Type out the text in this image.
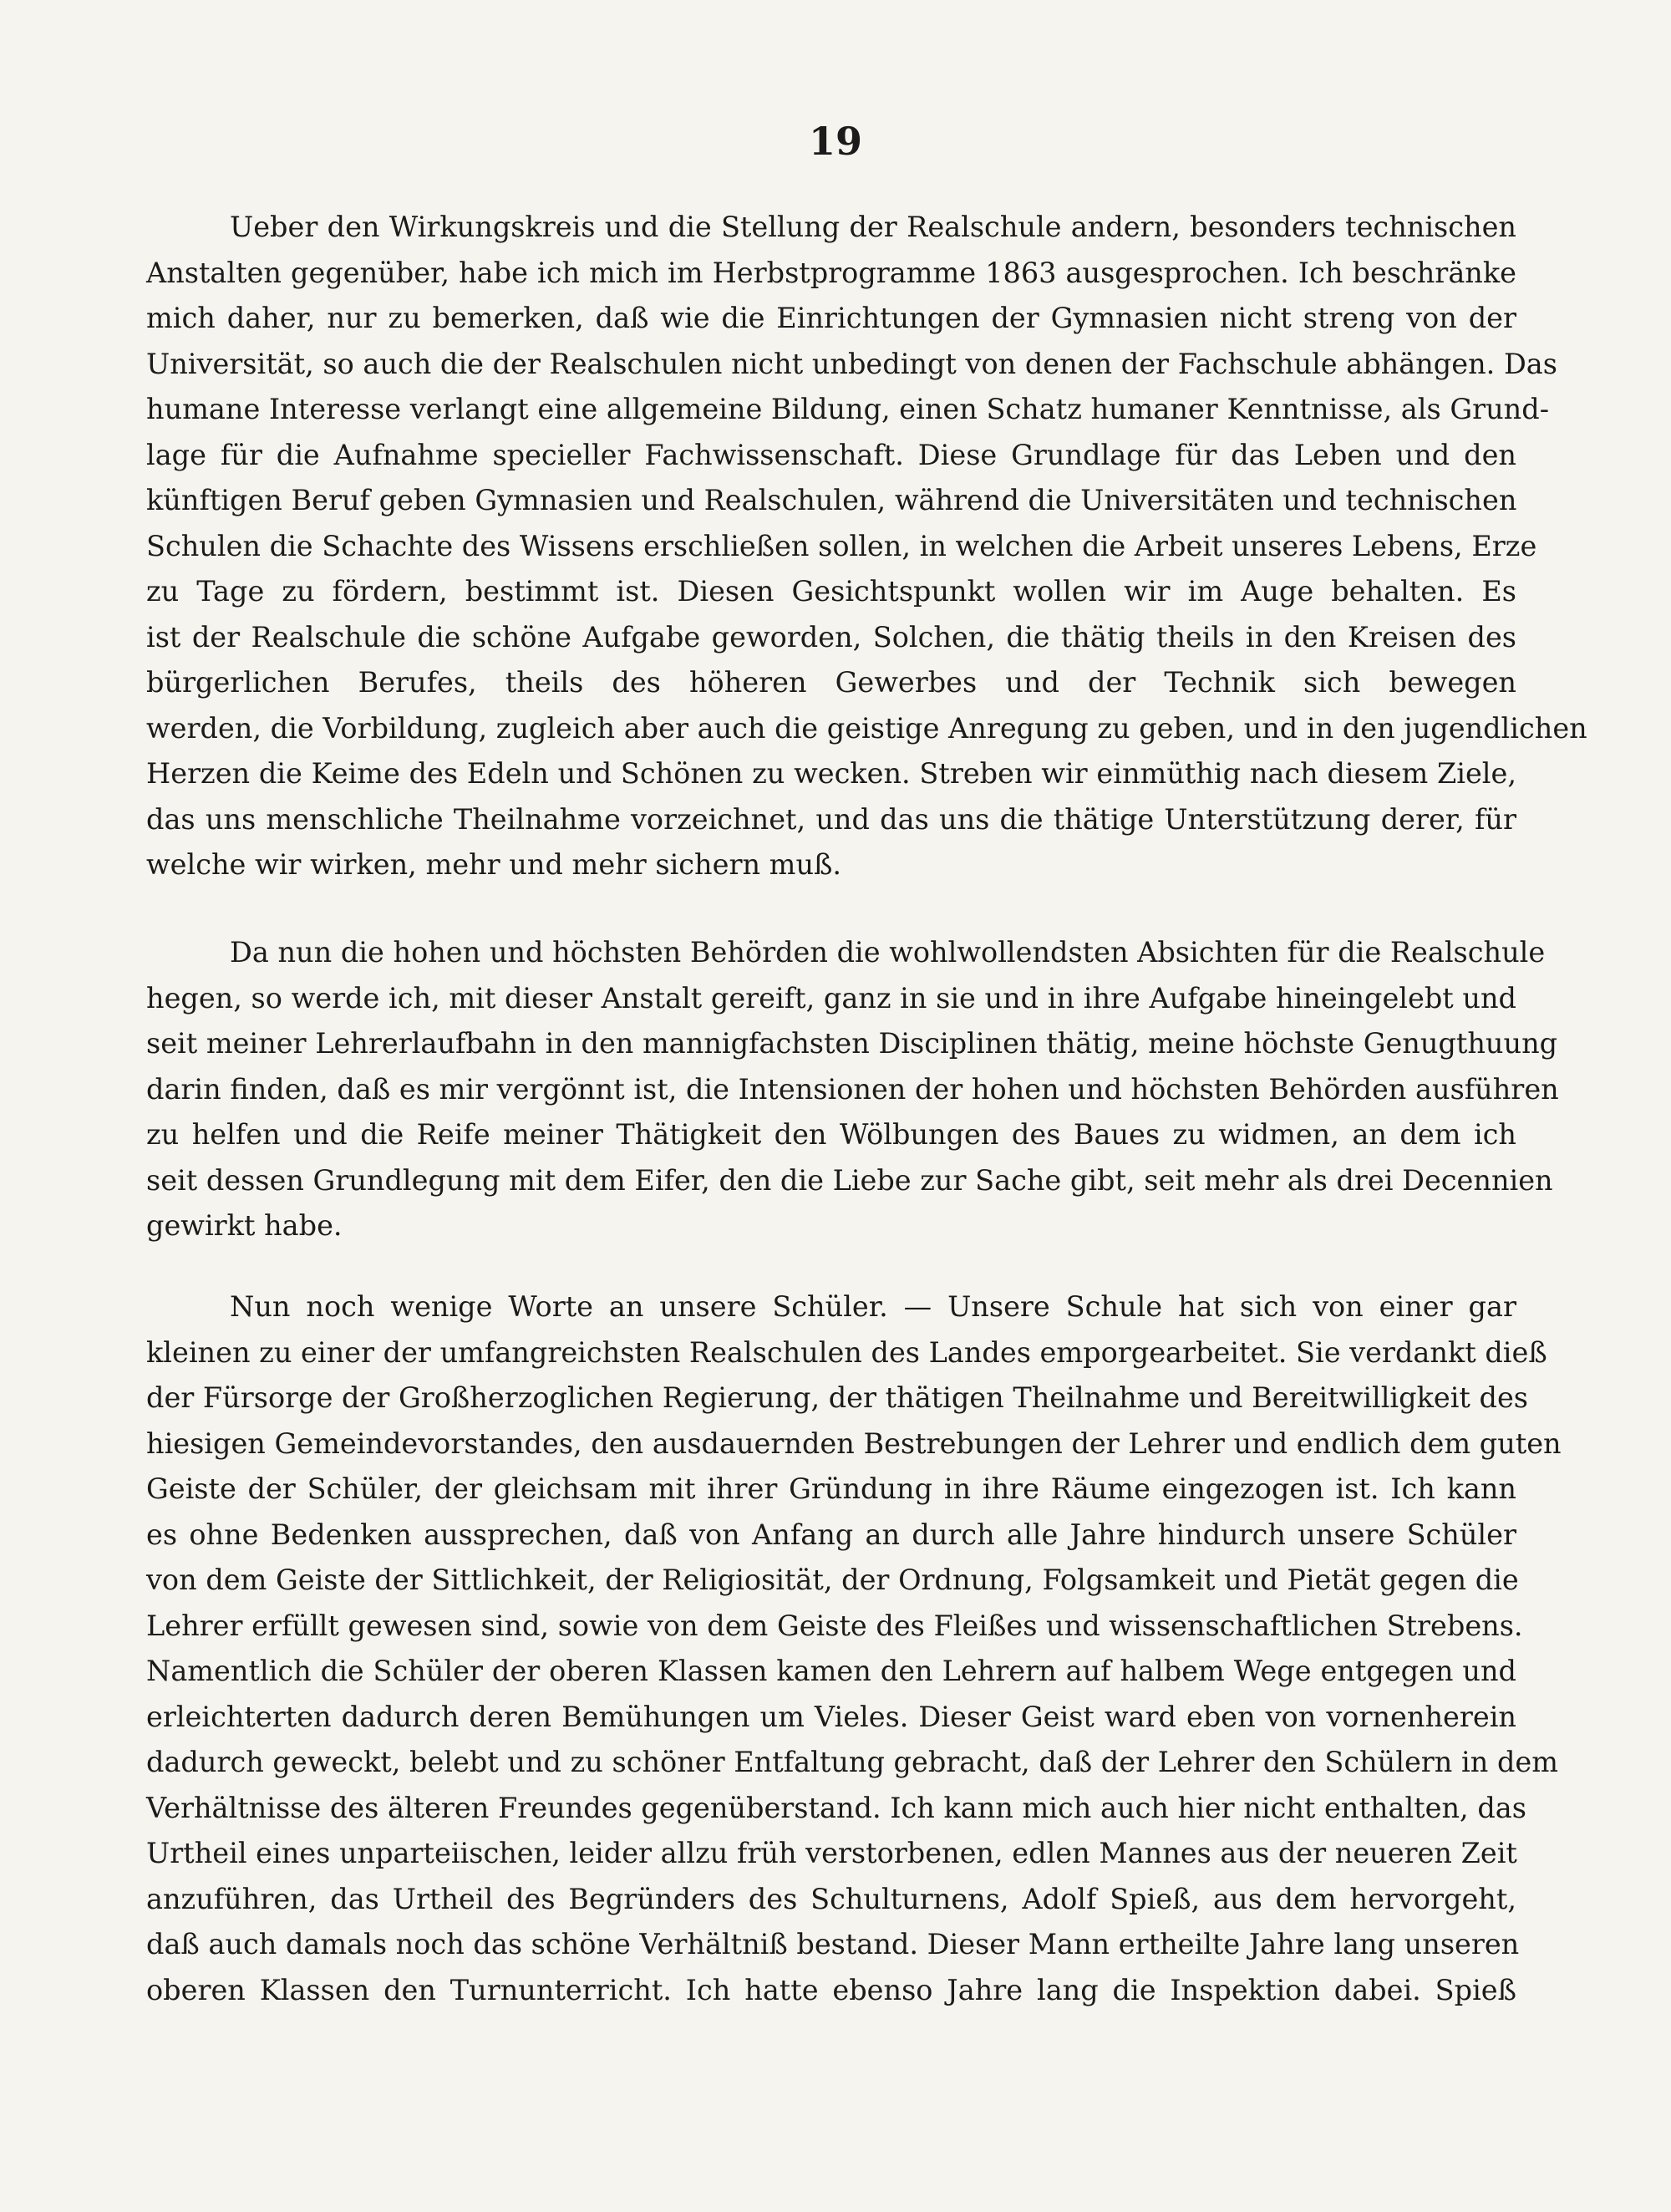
19
Ueber den Wirkungskreis und die Stellung der Realschule andern, besonders technischen
Anstalten gegenüber, habe ich mich im Herbstprogramme 1863 ausgesprochen. Ich beschränke
mich daher, nur zu bemerken, daß wie die Einrichtungen der Gymnasien nicht streng von der
Universität, so auch die der Realschulen nicht unbedingt von denen der Fachschule abhängen. Das
humane Interesse verlangt eine allgemeine Bildung, einen Schatz humaner Kenntnisse, als Grund-
lage für die Aufnahme specieller Fachwissenschaft. Diese Grundlage für das Leben und den
künftigen Beruf geben Gymnasien und Realschulen, während die Universitäten und technischen
Schulen die Schachte des Wissens erschließen sollen, in welchen die Arbeit unseres Lebens, Erze
zu Tage zu fördern, bestimmt ist. Diesen Gesichtspunkt wollen wir im Auge behalten. Es
ist der Realschule die schöne Aufgabe geworden, Solchen, die thätig theils in den Kreisen des
bürgerlichen Berufes, theils des höheren Gewerbes und der Technik sich bewegen
werden, die Vorbildung, zugleich aber auch die geistige Anregung zu geben, und in den jugendlichen
Herzen die Keime des Edeln und Schönen zu wecken. Streben wir einmüthig nach diesem Ziele,
das uns menschliche Theilnahme vorzeichnet, und das uns die thätige Unterstützung derer, für
welche wir wirken, mehr und mehr sichern muß.
Da nun die hohen und höchsten Behörden die wohlwollendsten Absichten für die Realschule
hegen, so werde ich, mit dieser Anstalt gereift, ganz in sie und in ihre Aufgabe hineingelebt und
seit meiner Lehrerlaufbahn in den mannigfachsten Disciplinen thätig, meine höchste Genugthuung
darin finden, daß es mir vergönnt ist, die Intensionen der hohen und höchsten Behörden ausführen
zu helfen und die Reife meiner Thätigkeit den Wölbungen des Baues zu widmen, an dem ich
seit dessen Grundlegung mit dem Eifer, den die Liebe zur Sache gibt, seit mehr als drei Decennien
gewirkt habe.
Nun noch wenige Worte an unsere Schüler. — Unsere Schule hat sich von einer gar
kleinen zu einer der umfangreichsten Realschulen des Landes emporgearbeitet. Sie verdankt dieß
der Fürsorge der Großherzoglichen Regierung, der thätigen Theilnahme und Bereitwilligkeit des
hiesigen Gemeindevorstandes, den ausdauernden Bestrebungen der Lehrer und endlich dem guten
Geiste der Schüler, der gleichsam mit ihrer Gründung in ihre Räume eingezogen ist. Ich kann
es ohne Bedenken aussprechen, daß von Anfang an durch alle Jahre hindurch unsere Schüler
von dem Geiste der Sittlichkeit, der Religiosität, der Ordnung, Folgsamkeit und Pietät gegen die
Lehrer erfüllt gewesen sind, sowie von dem Geiste des Fleißes und wissenschaftlichen Strebens.
Namentlich die Schüler der oberen Klassen kamen den Lehrern auf halbem Wege entgegen und
erleichterten dadurch deren Bemühungen um Vieles. Dieser Geist ward eben von vornenherein
dadurch geweckt, belebt und zu schöner Entfaltung gebracht, daß der Lehrer den Schülern in dem
Verhältnisse des älteren Freundes gegenüberstand. Ich kann mich auch hier nicht enthalten, das
Urtheil eines unparteiischen, leider allzu früh verstorbenen, edlen Mannes aus der neueren Zeit
anzuführen, das Urtheil des Begründers des Schulturnens, Adolf Spieß, aus dem hervorgeht,
daß auch damals noch das schöne Verhältniß bestand. Dieser Mann ertheilte Jahre lang unseren
oberen Klassen den Turnunterricht. Ich hatte ebenso Jahre lang die Inspektion dabei. Spieß
